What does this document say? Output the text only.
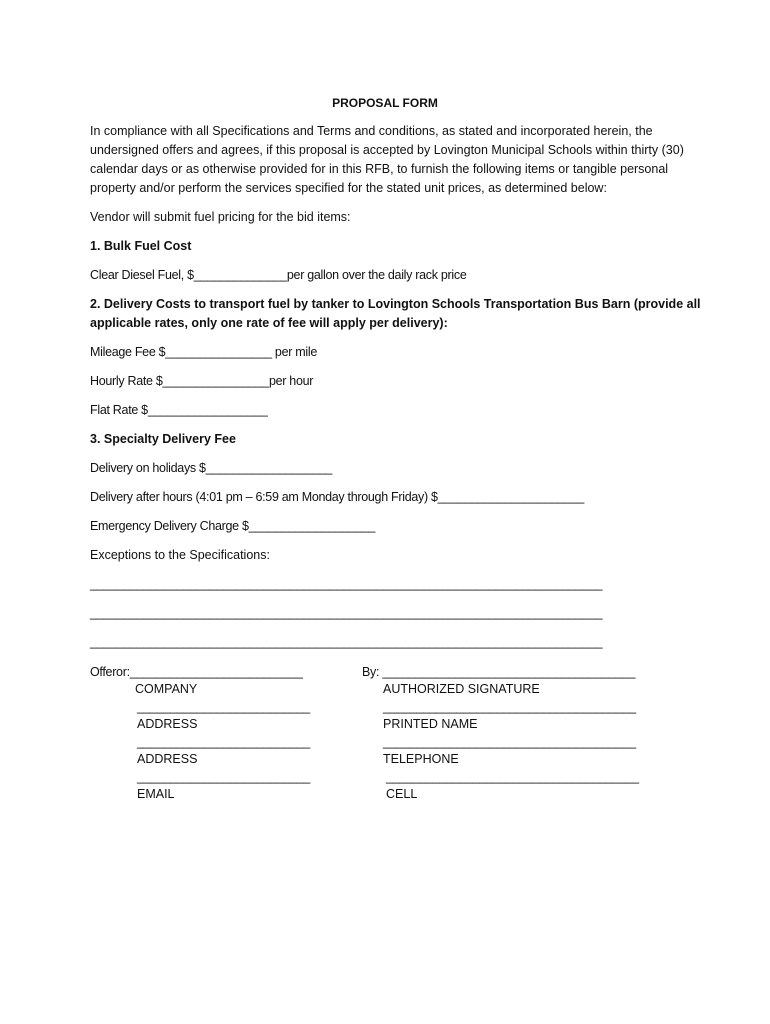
PROPOSAL FORM
In compliance with all Specifications and Terms and conditions, as stated and incorporated herein, the undersigned offers and agrees, if this proposal is accepted by Lovington Municipal Schools within thirty (30) calendar days or as otherwise provided for in this RFB, to furnish the following items or tangible personal property and/or perform the services specified for the stated unit prices, as determined below:
Vendor will submit fuel pricing for the bid items:
1. Bulk Fuel Cost
Clear Diesel Fuel, $______________per gallon over the daily rack price
2. Delivery Costs to transport fuel by tanker to Lovington Schools Transportation Bus Barn (provide all
applicable rates, only one rate of fee will apply per delivery):
Mileage Fee $________________ per mile
Hourly Rate $________________per hour
Flat Rate $__________________
3. Specialty Delivery Fee
Delivery on holidays $___________________
Delivery after hours (4:01 pm – 6:59 am Monday through Friday) $______________________
Emergency Delivery Charge $___________________
Exceptions to the Specifications:
_____________________________________________________________________________
_____________________________________________________________________________
_____________________________________________________________________________
Offeror:__________________________
COMPANY
__________________________
ADDRESS
__________________________
ADDRESS
__________________________
EMAIL
By: ______________________________________
AUTHORIZED SIGNATURE
______________________________________
PRINTED NAME
______________________________________
TELEPHONE
______________________________________
CELL
